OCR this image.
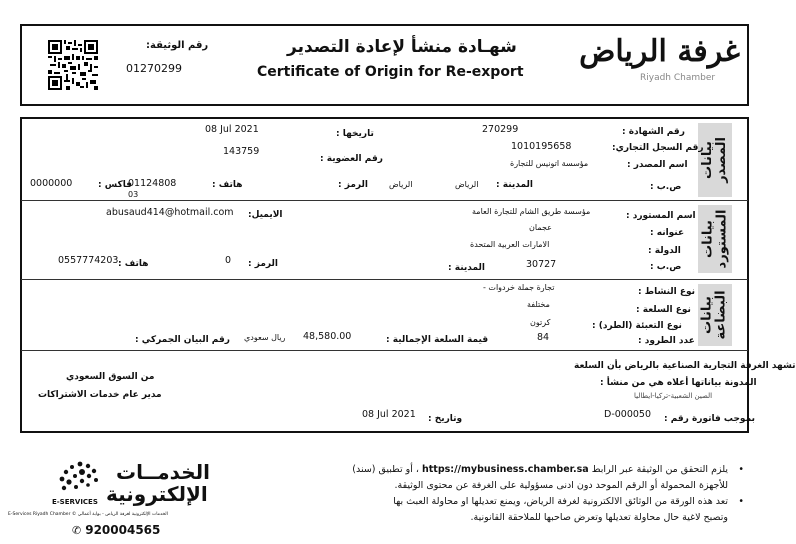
رقم الوثيقة:
01270299
شهـادة منشأ لإعادة التصدير
Certificate of Origin for Re-export
غرفة الرياض
Riyadh Chamber
بيانات المصدر
بيانات المستورد
بيانات البضاعة
رقم الشهادة :
270299
تاريخها :
08 Jul 2021
رقم السجل التجاري:
1010195658
رقم العضوية :
143759
اسم المصدر :
مؤسسة اتونيس للتجارة
ص.ب :
المدينة :
الرياض
الرياض
الرمز :
هاتف :
01124808
03
فاكس :
0000000
اسم المستورد :
مؤسسة طريق الشام للتجارة العامة
الايميل:
abusaud414@hotmail.com
عنوانه :
عجمان
الدولة :
الامارات العربية المتحدة
ص.ب :
30727
المدينة :
الرمز :
0
هاتف :
0557774203
نوع النشاط :
تجارة جملة خردوات -
نوع السلعة :
مختلفة
نوع التعبئة (الطرد) :
كرتون
عدد الطرود :
84
قيمة السلعة الإجمالية :
48,580.00
ريال سعودي
رقم البيان الجمركي :
تشهد الغرفة التجارية الصناعية بالرياض بأن السلعة
المدونة بياناتها أعلاه هي من منشأ :
الصين الشعبية-تركيا-ايطاليا
بموجب فاتورة رقم :
D-000050
وتاريخ :
08 Jul 2021
من السوق السعودي
مدير عام خدمات الاشتراكات
E-SERVICES
الخدمــات
الإلكترونية
E-Services Riyadh Chamber © الخدمات الإلكترونية لغرفة الرياض - بوابة أعمالي
✆ 920004565
•
يلزم التحقق من الوثيقة عبر الرابط https://mybusiness.chamber.sa ، أو تطبيق (سند)
للأجهزة المحمولة أو الرقم الموحد دون ادنى مسؤولية على الغرفة عن محتوى الوثيقة.
•
تعد هذه الورقة من الوثائق الالكترونية لغرفة الرياض، ويمنع تعديلها او محاولة العبث بها
وتصبح لاغية حال محاولة تعديلها وتعرض صاحبها للملاحقة القانونية.
